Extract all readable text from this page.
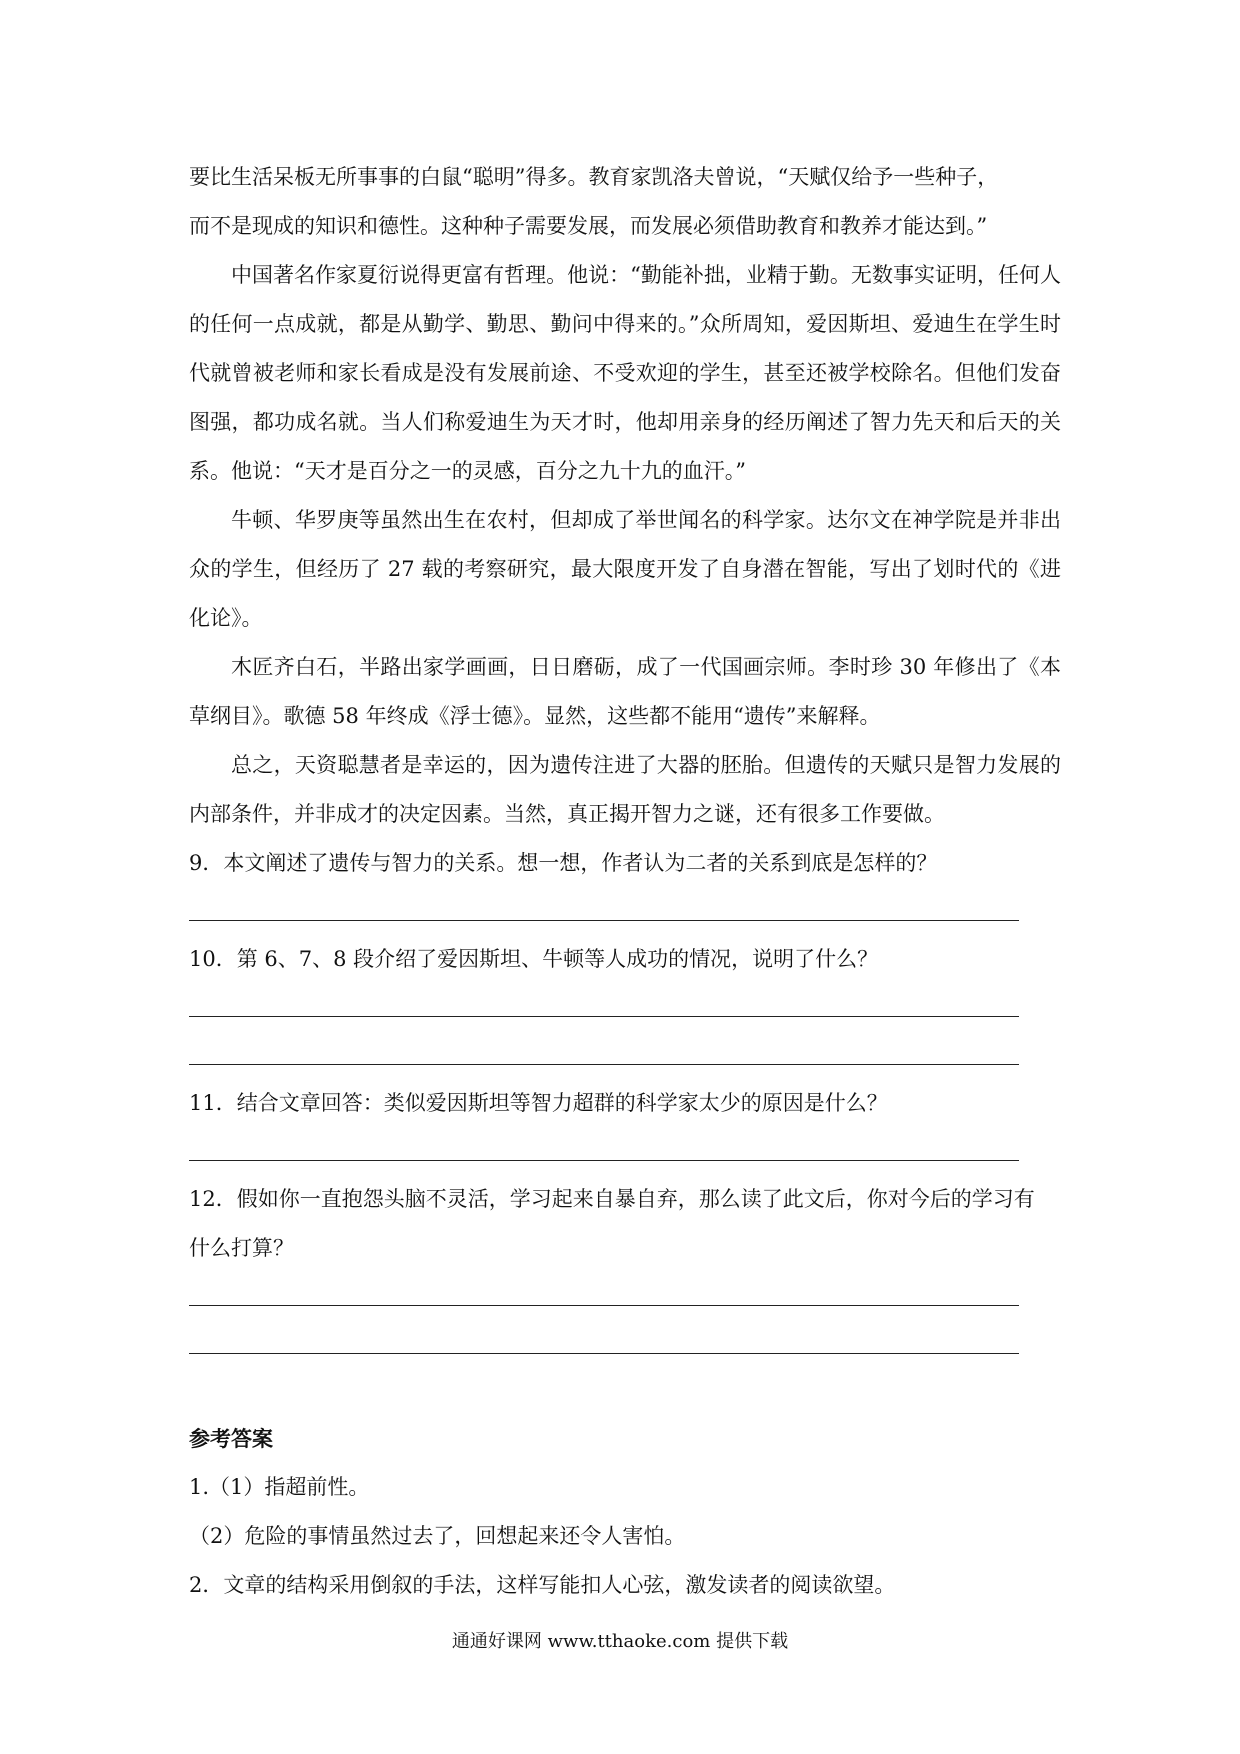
要比生活呆板无所事事的白鼠“聪明”得多。教育家凯洛夫曾说，“天赋仅给予一些种子，

而不是现成的知识和德性。这种种子需要发展，而发展必须借助教育和教养才能达到。”

中国著名作家夏衍说得更富有哲理。他说：“勤能补拙，业精于勤。无数事实证明，任何人的任何一点成就，都是从勤学、勤思、勤问中得来的。”众所周知，爱因斯坦、爱迪生在学生时代就曾被老师和家长看成是没有发展前途、不受欢迎的学生，甚至还被学校除名。但他们发奋图强，都功成名就。当人们称爱迪生为天才时，他却用亲身的经历阐述了智力先天和后天的关系。他说：“天才是百分之一的灵感，百分之九十九的血汗。”

牛顿、华罗庚等虽然出生在农村，但却成了举世闻名的科学家。达尔文在神学院是并非出众的学生，但经历了 27 载的考察研究，最大限度开发了自身潜在智能，写出了划时代的《进化论》。

木匠齐白石，半路出家学画画，日日磨砺，成了一代国画宗师。李时珍 30 年修出了《本草纲目》。歌德 58 年终成《浮士德》。显然，这些都不能用“遗传”来解释。

总之，天资聪慧者是幸运的，因为遗传注进了大器的胚胎。但遗传的天赋只是智力发展的内部条件，并非成才的决定因素。当然，真正揭开智力之谜，还有很多工作要做。

9．本文阐述了遗传与智力的关系。想一想，作者认为二者的关系到底是怎样的？

10．第 6、7、8 段介绍了爱因斯坦、牛顿等人成功的情况，说明了什么？

11．结合文章回答：类似爱因斯坦等智力超群的科学家太少的原因是什么？

12．假如你一直抱怨头脑不灵活，学习起来自暴自弃，那么读了此文后，你对今后的学习有

什么打算？

参考答案

1.（1）指超前性。

（2）危险的事情虽然过去了，回想起来还令人害怕。

2．文章的结构采用倒叙的手法，这样写能扣人心弦，激发读者的阅读欲望。

通通好课网 www.tthaoke.com 提供下载
